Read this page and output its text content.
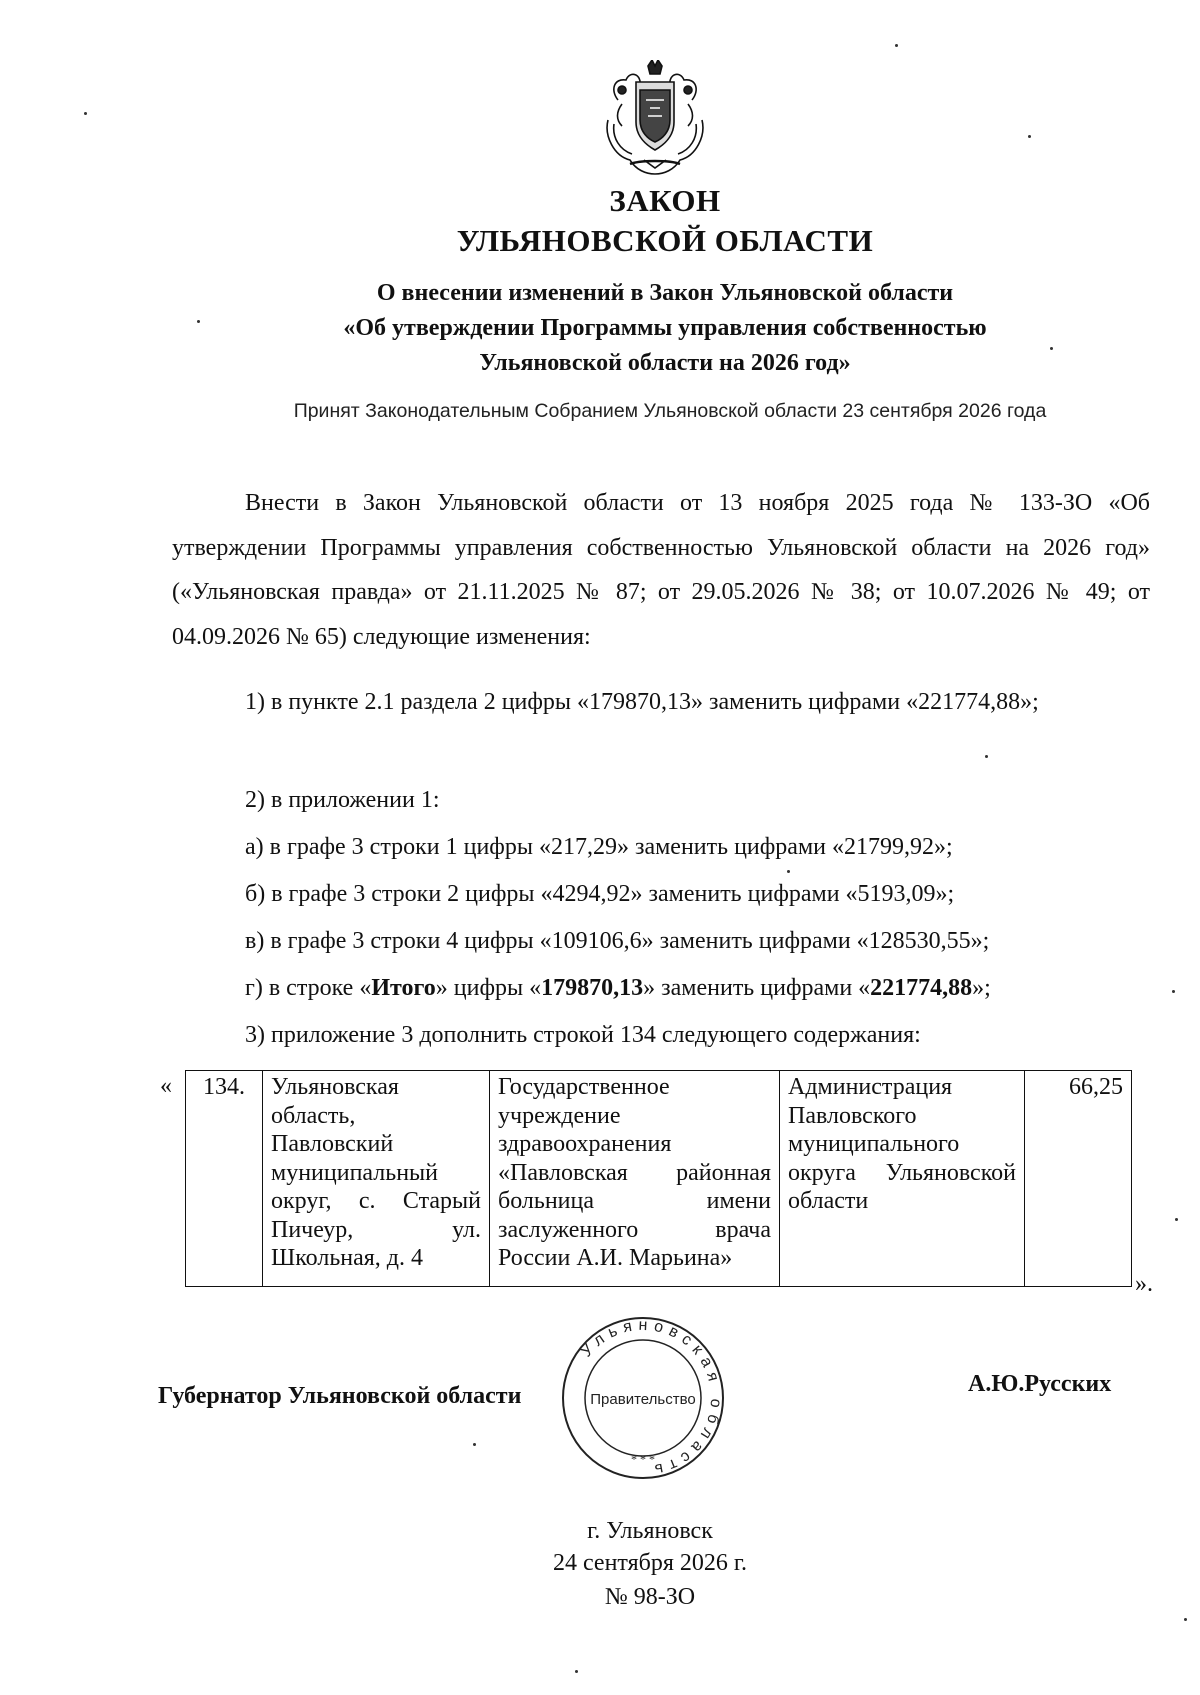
ЗАКОН
УЛЬЯНОВСКОЙ ОБЛАСТИ
О внесении изменений в Закон Ульяновской области
«Об утверждении Программы управления собственностью
Ульяновской области на 2026 год»
Принят Законодательным Собранием Ульяновской области 23 сентября 2026 года
Внести в Закон Ульяновской области от 13 ноября 2025 года № 133-ЗО «Об утверждении Программы управления собственностью Ульяновской области на 2026 год» («Ульяновская правда» от 21.11.2025 № 87; от 29.05.2026 № 38; от 10.07.2026 № 49; от 04.09.2026 № 65) следующие изменения:
1) в пункте 2.1 раздела 2 цифры «179870,13» заменить цифрами «221774,88»;
2) в приложении 1:
а) в графе 3 строки 1 цифры «217,29» заменить цифрами «21799,92»;
б) в графе 3 строки 2 цифры «4294,92» заменить цифрами «5193,09»;
в) в графе 3 строки 4 цифры «109106,6» заменить цифрами «128530,55»;
г) в строке «Итого» цифры «179870,13» заменить цифрами «221774,88»;
3) приложение 3 дополнить строкой 134 следующего содержания:
« 134.	Ульяновская область, Павловский муниципальный округ, с. Старый Пичеур, ул. Школьная, д. 4	Государственное учреждение здравоохранения «Павловская районная больница имени заслуженного врача России А.И. Марьина»	Администрация Павловского муниципального округа Ульяновской области	66,25
».
Ульяновская область
Правительство
* * *
Губернатор Ульяновской области	А.Ю.Русских
г. Ульяновск
24 сентября 2026 г.
№ 98-ЗО
